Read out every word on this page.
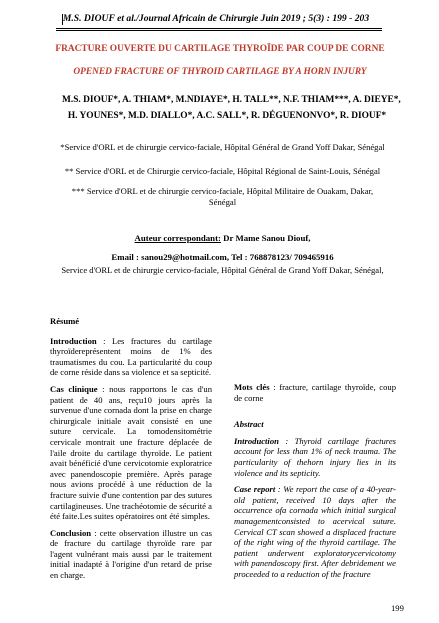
M.S. DIOUF et al./Journal Africain de Chirurgie Juin 2019 ; 5(3) : 199 - 203
FRACTURE OUVERTE DU CARTILAGE THYROÏDE PAR COUP DE CORNE
OPENED FRACTURE OF THYROID CARTILAGE BY A HORN INJURY
M.S. DIOUF*, A. THIAM*, M.NDIAYE*, H. TALL**, N.F. THIAM***, A. DIEYE*,
H. YOUNES*, M.D. DIALLO*, A.C. SALL*, R. DÉGUENONVO*, R. DIOUF*
*Service d'ORL et de chirurgie cervico-faciale, Hôpital Général de Grand Yoff Dakar, Sénégal
** Service d'ORL et de Chirurgie cervico-faciale, Hôpital Régional de Saint-Louis, Sénégal
*** Service d'ORL et de chirurgie cervico-faciale, Hôpital Militaire de Ouakam, Dakar, Sénégal
Auteur correspondant: Dr Mame Sanou Diouf,
Email : sanou29@hotmail.com, Tel : 768878123/ 709465916
Service d'ORL et de chirurgie cervico-faciale, Hôpital Général de Grand Yoff Dakar, Sénégal,

Résumé

Introduction : Les fractures du cartilage thyroïdereprésentent moins de 1% des traumatismes du cou. La particularité du coup de corne réside dans sa violence et sa septicité.

Cas clinique : nous rapportons le cas d'un patient de 40 ans, reçu10 jours après la survenue d'une cornada dont la prise en charge chirurgicale initiale avait consisté en une suture cervicale. La tomodensitométrie cervicale montrait une fracture déplacée de l'aile droite du cartilage thyroïde. Le patient avait bénéficié d'une cervicotomie exploratrice avec panendoscopie première. Après parage nous avions procédé à une réduction de la fracture suivie d'une contention par des sutures cartilagineuses. Une trachéotomie de sécurité a été faite.Les suites opératoires ont été simples.

Conclusion : cette observation illustre un cas de fracture du cartilage thyroïde rare par l'agent vulnérant mais aussi par le traitement initial inadapté à l'origine d'un retard de prise en charge.

Mots clés : fracture, cartilage thyroïde, coup de corne

Abstract

Introduction : Thyroid cartilage fractures account for less than 1% of neck trauma. The particularity of thehorn injury lies in its violence and its septicity.

Case report : We report the case of a 40-year-old patient, received 10 days after the occurrence ofa cornada which initial surgical managementconsisted to acervical suture. Cervical CT scan showed a displaced fracture of the right wing of the thyroid cartilage. The patient underwent exploratorycervicotomy with panendoscopy first. After debridement we proceeded to a reduction of the fracture

199
